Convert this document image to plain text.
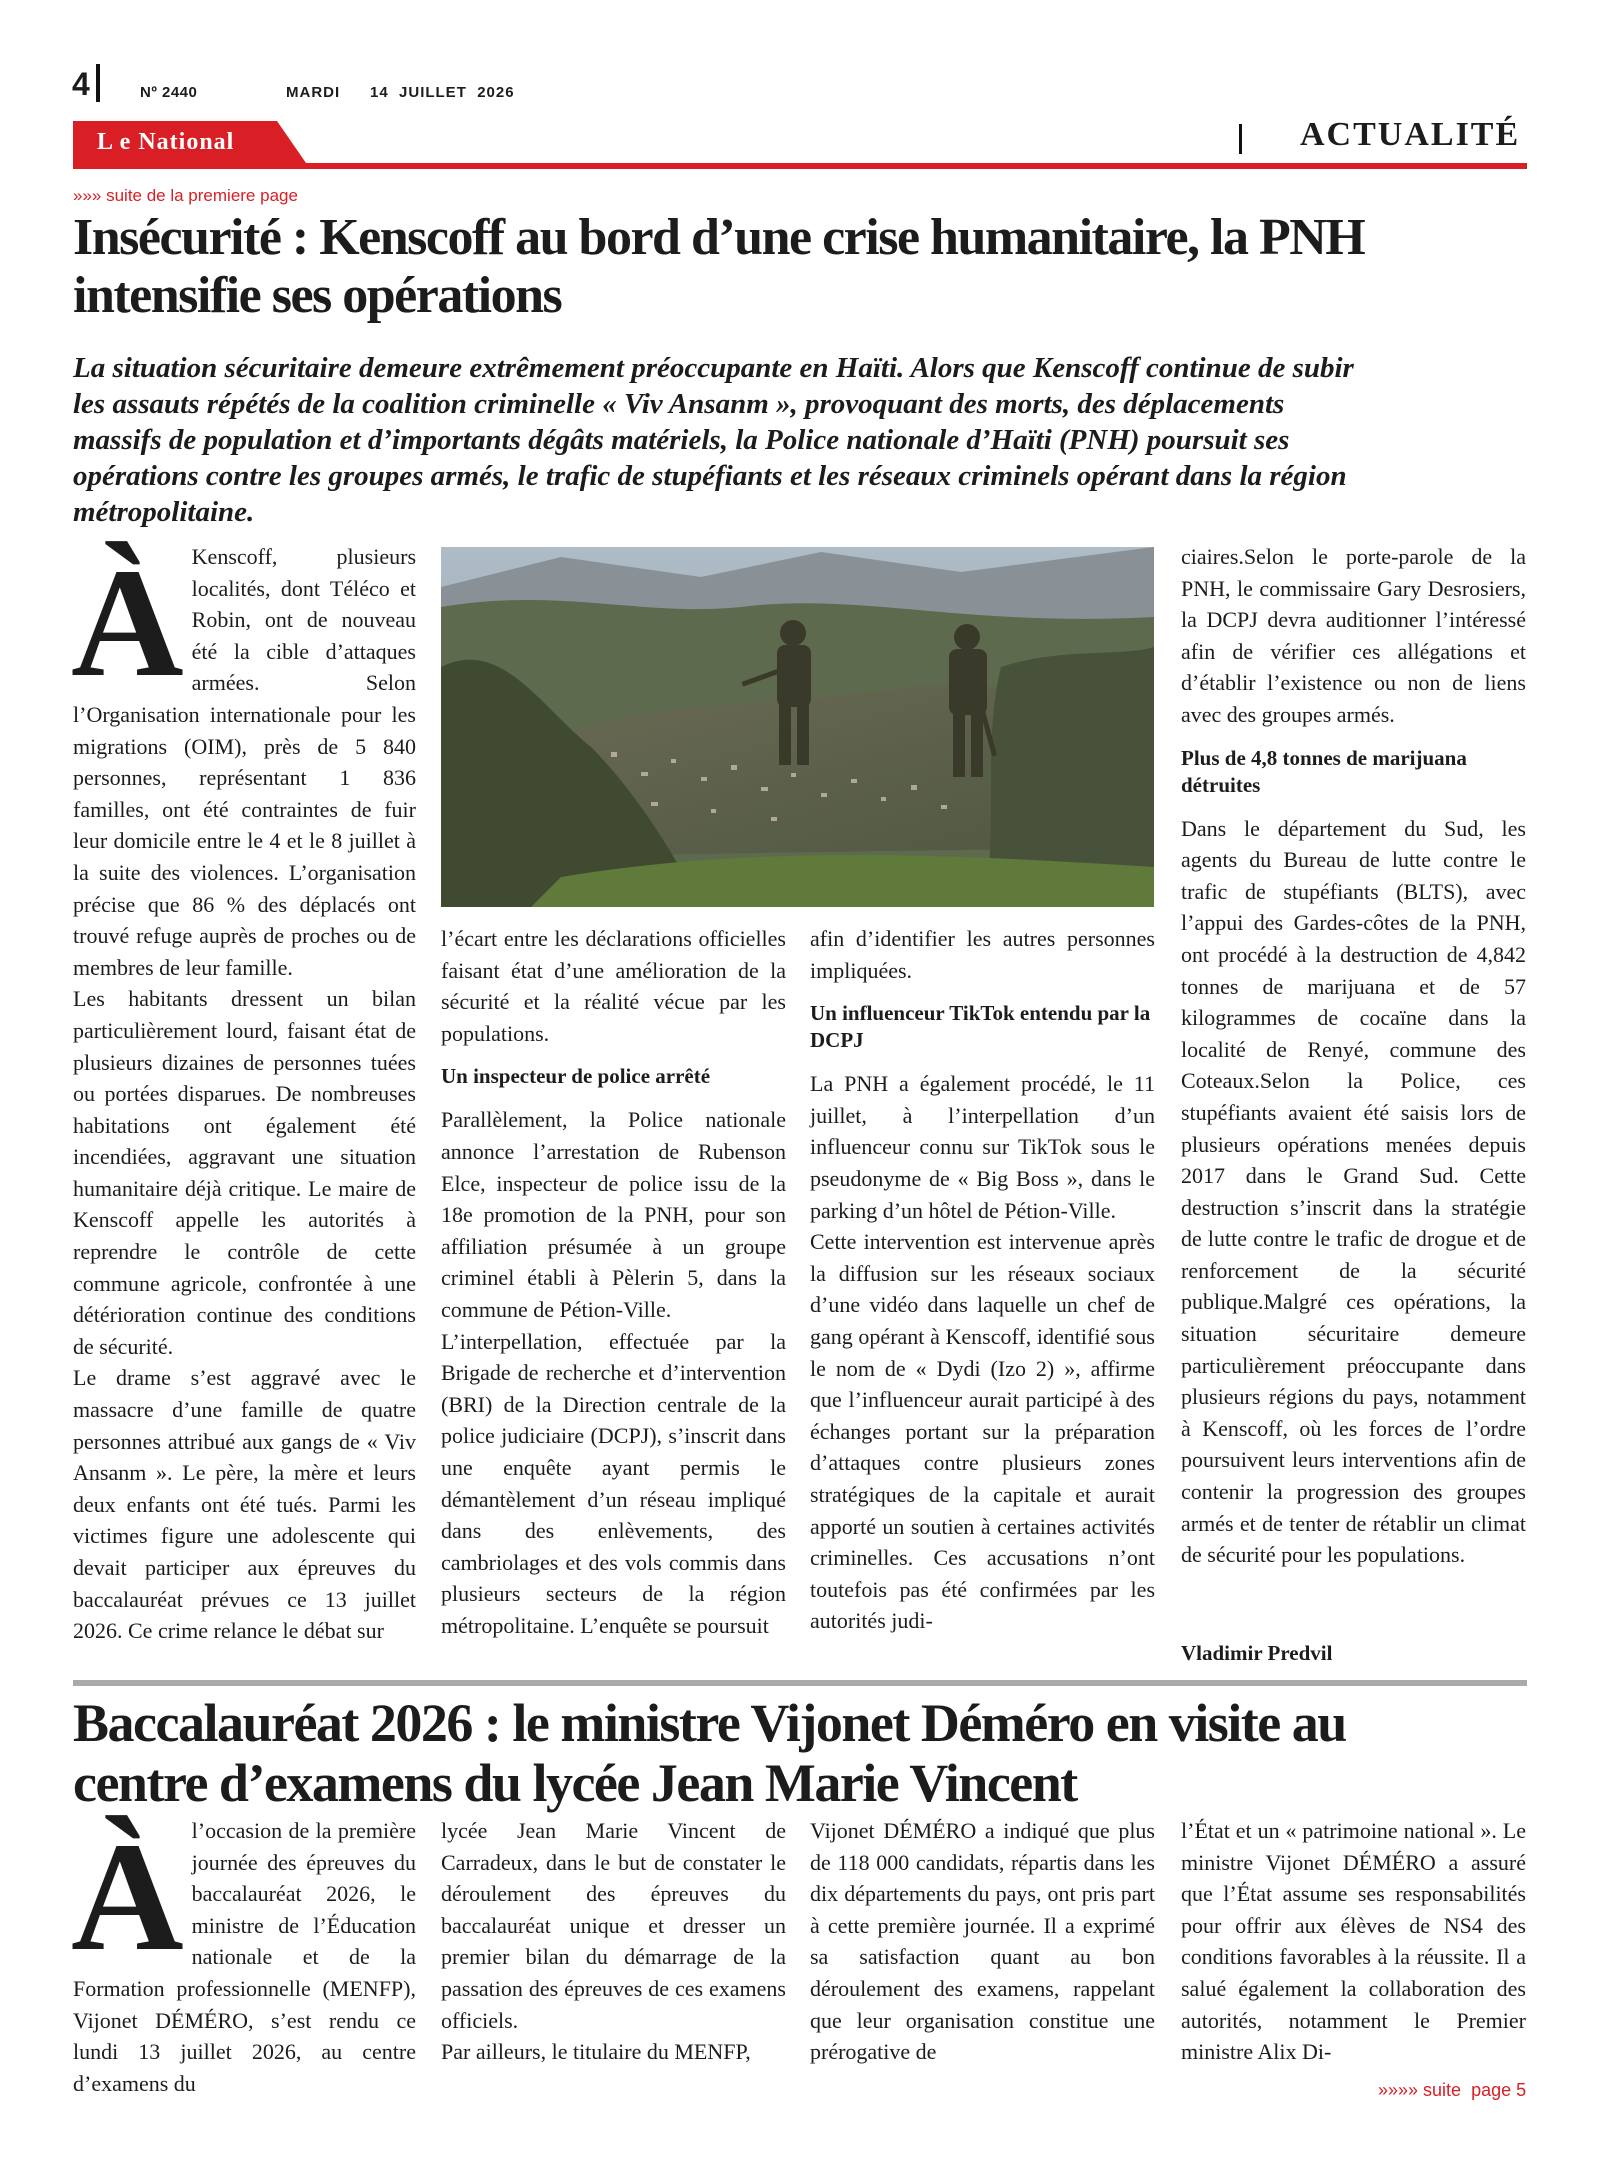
4	Nº 2440	MARDI 14  JUILLET  2026
L e National	ACTUALITÉ
»»» suite de la premiere page
Insécurité : Kenscoff au bord d’une crise humanitaire, la PNH
intensifie ses opérations
La situation sécuritaire demeure extrêmement préoccupante en Haïti. Alors que Kenscoff continue de subir
les assauts répétés de la coalition criminelle « Viv Ansanm », provoquant des morts, des déplacements
massifs de population et d’importants dégâts matériels, la Police nationale d’Haïti (PNH) poursuit ses
opérations contre les groupes armés, le trafic de stupéfiants et les réseaux criminels opérant dans la région
métropolitaine.
À Kenscoff, plusieurs localités, dont Téléco et Robin, ont de nouveau été la cible d’attaques armées. Selon l’Organisation internationale pour les migrations (OIM), près de 5 840 personnes, représentant 1 836 familles, ont été contraintes de fuir leur domicile entre le 4 et le 8 juillet à la suite des violences. L’organisation précise que 86 % des déplacés ont trouvé refuge auprès de proches ou de membres de leur famille.

Les habitants dressent un bilan particulièrement lourd, faisant état de plusieurs dizaines de personnes tuées ou portées disparues. De nombreuses habitations ont également été incendiées, aggravant une situation humanitaire déjà critique. Le maire de Kenscoff appelle les autorités à reprendre le contrôle de cette commune agricole, confrontée à une détérioration continue des conditions de sécurité.

Le drame s’est aggravé avec le massacre d’une famille de quatre personnes attribué aux gangs de « Viv Ansanm ». Le père, la mère et leurs deux enfants ont été tués. Parmi les victimes figure une adolescente qui devait participer aux épreuves du baccalauréat prévues ce 13 juillet 2026. Ce crime relance le débat sur

l’écart entre les déclarations officielles faisant état d’une amélioration de la sécurité et la réalité vécue par les populations.

Un inspecteur de police arrêté

Parallèlement, la Police nationale annonce l’arrestation de Rubenson Elce, inspecteur de police issu de la 18e promotion de la PNH, pour son affiliation présumée à un groupe criminel établi à Pèlerin 5, dans la commune de Pétion-Ville.

L’interpellation, effectuée par la Brigade de recherche et d’intervention (BRI) de la Direction centrale de la police judiciaire (DCPJ), s’inscrit dans une enquête ayant permis le démantèlement d’un réseau impliqué dans des enlèvements, des cambriolages et des vols commis dans plusieurs secteurs de la région métropolitaine. L’enquête se poursuit

afin d’identifier les autres personnes impliquées.

Un influenceur TikTok entendu par la DCPJ

La PNH a également procédé, le 11 juillet, à l’interpellation d’un influenceur connu sur TikTok sous le pseudonyme de « Big Boss », dans le parking d’un hôtel de Pétion-Ville.

Cette intervention est intervenue après la diffusion sur les réseaux sociaux d’une vidéo dans laquelle un chef de gang opérant à Kenscoff, identifié sous le nom de « Dydi (Izo 2) », affirme que l’influenceur aurait participé à des échanges portant sur la préparation d’attaques contre plusieurs zones stratégiques de la capitale et aurait apporté un soutien à certaines activités criminelles. Ces accusations n’ont toutefois pas été confirmées par les autorités judi-

ciaires.Selon le porte-parole de la PNH, le commissaire Gary Desrosiers, la DCPJ devra auditionner l’intéressé afin de vérifier ces allégations et d’établir l’existence ou non de liens avec des groupes armés.

Plus de 4,8 tonnes de marijuana détruites

Dans le département du Sud, les agents du Bureau de lutte contre le trafic de stupéfiants (BLTS), avec l’appui des Gardes-côtes de la PNH, ont procédé à la destruction de 4,842 tonnes de marijuana et de 57 kilogrammes de cocaïne dans la localité de Renyé, commune des Coteaux.Selon la Police, ces stupéfiants avaient été saisis lors de plusieurs opérations menées depuis 2017 dans le Grand Sud. Cette destruction s’inscrit dans la stratégie de lutte contre le trafic de drogue et de renforcement de la sécurité publique.Malgré ces opérations, la situation sécuritaire demeure particulièrement préoccupante dans plusieurs régions du pays, notamment à Kenscoff, où les forces de l’ordre poursuivent leurs interventions afin de contenir la progression des groupes armés et de tenter de rétablir un climat de sécurité pour les populations.

Vladimir Predvil
Baccalauréat 2026 : le ministre Vijonet Déméro en visite au
centre d’examens du lycée Jean Marie Vincent
À l’occasion de la première journée des épreuves du baccalauréat 2026, le ministre de l’Éducation nationale et de la Formation professionnelle (MENFP), Vijonet DÉMÉRO, s’est rendu ce lundi 13 juillet 2026, au centre d’examens du

lycée Jean Marie Vincent de Carradeux, dans le but de constater le déroulement des épreuves du baccalauréat unique et dresser un premier bilan du démarrage de la passation des épreuves de ces examens officiels.

Par ailleurs, le titulaire du MENFP,

Vijonet DÉMÉRO a indiqué que plus de 118 000 candidats, répartis dans les dix départements du pays, ont pris part à cette première journée. Il a exprimé sa satisfaction quant au bon déroulement des examens, rappelant que leur organisation constitue une prérogative de

l’État et un « patrimoine national ». Le ministre Vijonet DÉMÉRO a assuré que l’État assume ses responsabilités pour offrir aux élèves de NS4 des conditions favorables à la réussite. Il a salué également la collaboration des autorités, notamment le Premier ministre Alix Di-

»»»» suite  page 5
